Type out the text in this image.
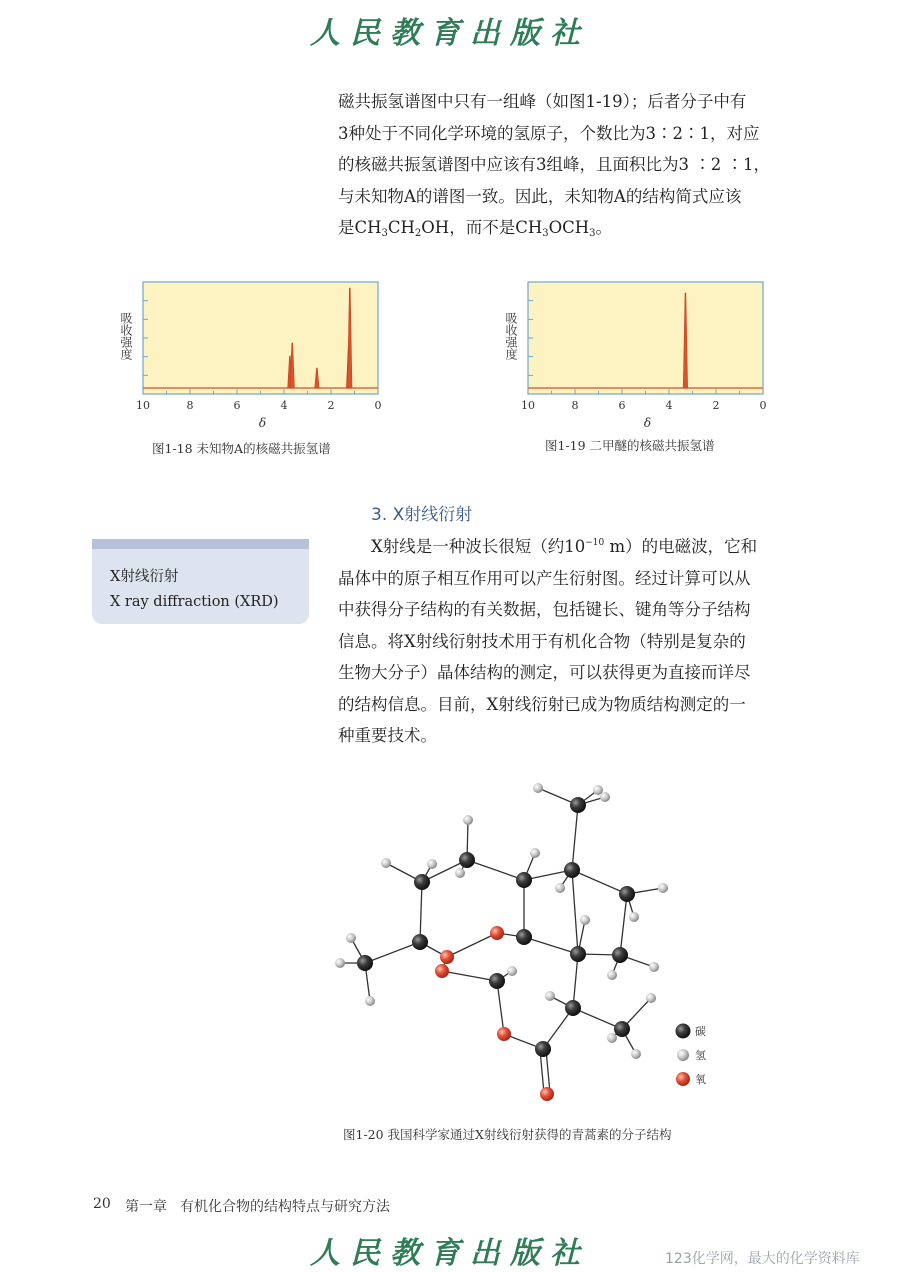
人民教育出版社
磁共振氢谱图中只有一组峰（如图1-19）；后者分子中有
3种处于不同化学环境的氢原子，个数比为3∶2∶1，对应
的核磁共振氢谱图中应该有3组峰，且面积比为3 ∶2 ∶1，
与未知物A的谱图一致。因此，未知物A的结构简式应该
是$CH_3CH_2OH$，而不是$CH_3OCH_3$。
10	8	6	4	2	0
吸收强度
δ
图1-18 未知物A的核磁共振氢谱
10	8	6	4	2	0
吸收强度
δ
图1-19 二甲醚的核磁共振氢谱
3. X射线衍射
X射线衍射
X ray diffraction (XRD)
X射线是一种波长很短（约$10^{-10}$ m）的电磁波，它和
晶体中的原子相互作用可以产生衍射图。经过计算可以从
中获得分子结构的有关数据，包括键长、键角等分子结构
信息。将X射线衍射技术用于有机化合物（特别是复杂的
生物大分子）晶体结构的测定，可以获得更为直接而详尽
的结构信息。目前，X射线衍射已成为物质结构测定的一
种重要技术。
碳
氢
氧
图1-20 我国科学家通过X射线衍射获得的青蒿素的分子结构
20 第一章 有机化合物的结构特点与研究方法
人民教育出版社	123化学网，最大的化学资料库
